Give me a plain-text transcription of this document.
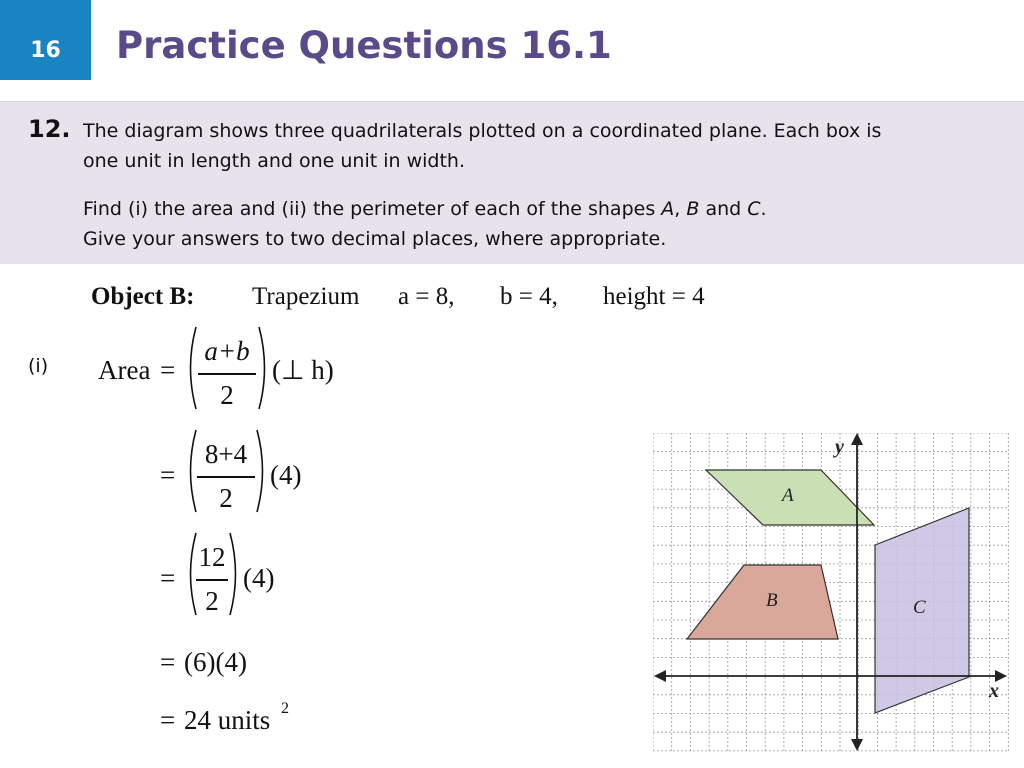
16	Practice Questions 16.1
12. The diagram shows three quadrilaterals plotted on a coordinated plane. Each box is
one unit in length and one unit in width.
Find (i) the area and (ii) the perimeter of each of the shapes A, B and C.
Give your answers to two decimal places, where appropriate.
Object B: Trapezium a = 8, b = 4, height = 4
(i) Area =
a+b
2
(⊥ h)
=
8+4
2
(4)
=
12
2
(4)
= (6)(4)
= 24 units 2
x
y
A
B	C
